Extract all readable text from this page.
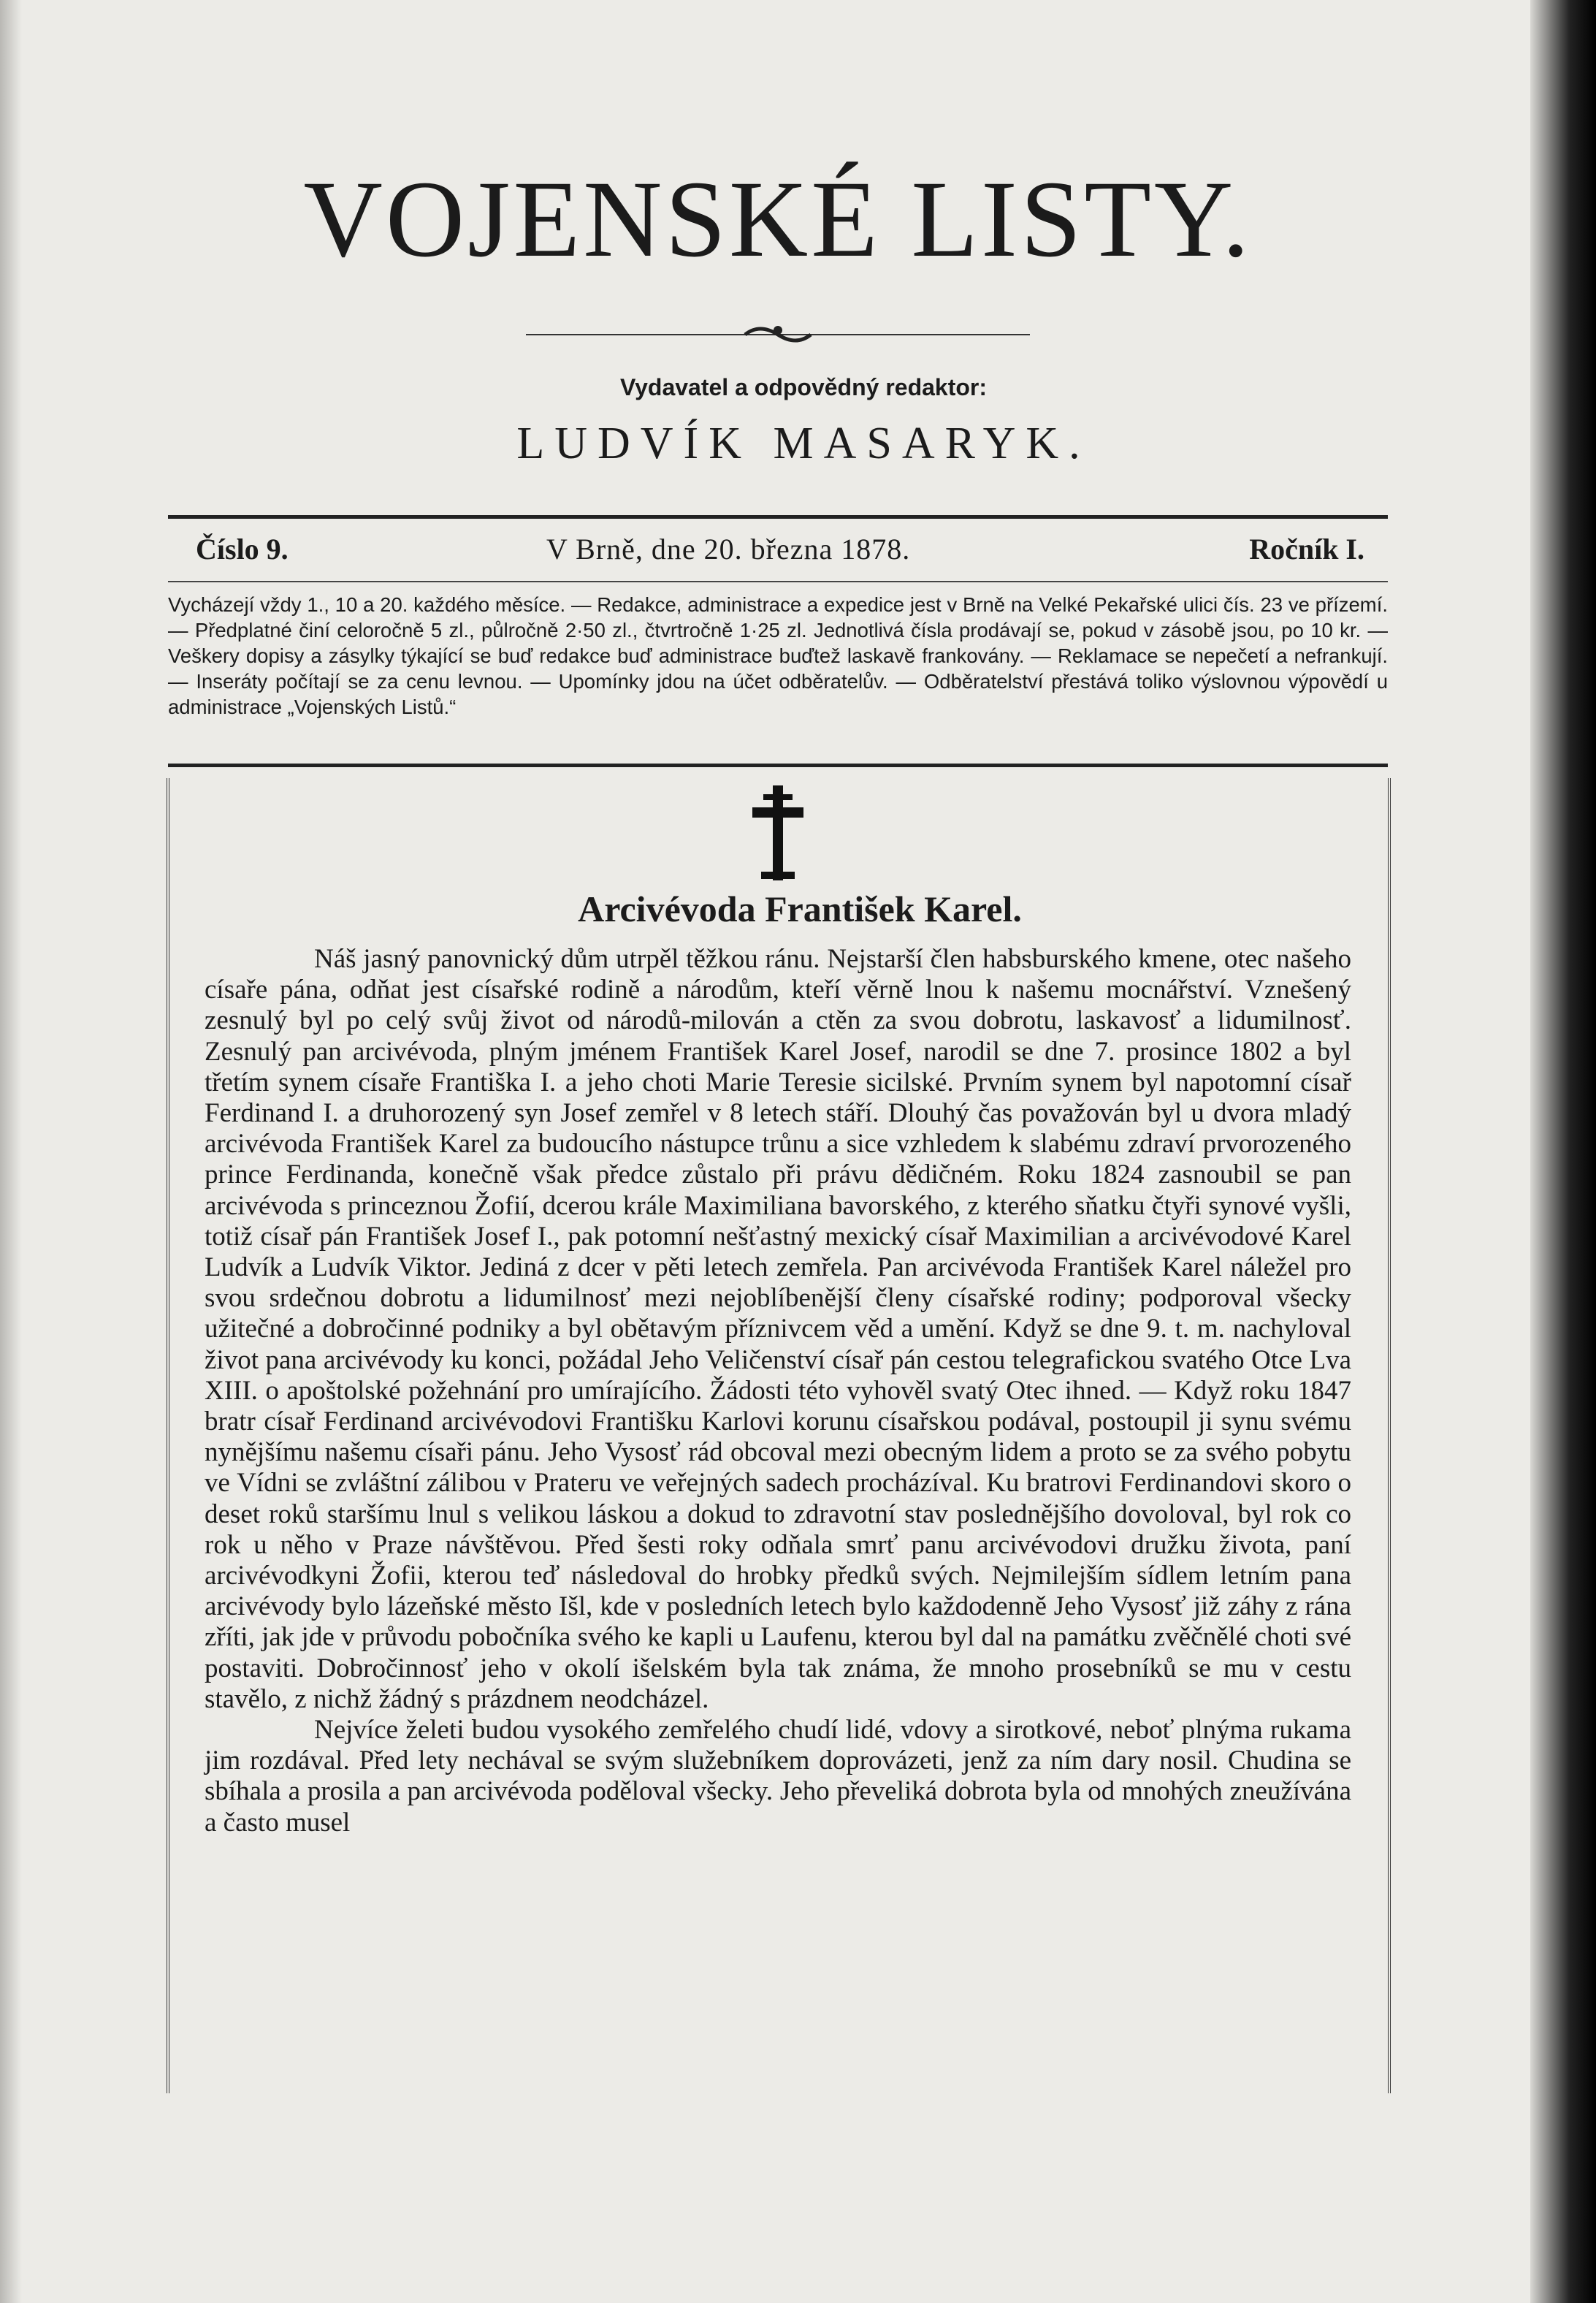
VOJENSKÉ LISTY.
Vydavatel a odpovědný redaktor:
LUDVÍK MASARYK.
Číslo 9.	V Brně, dne 20. března 1878.	Ročník I.

Vycházejí vždy 1., 10 a 20. každého měsíce. — Redakce, administrace a expedice jest v Brně na Velké Pekařské ulici čís. 23 ve přízemí. — Předplatné činí celoročně 5 zl., půlročně 2·50 zl., čtvrtročně 1·25 zl. Jednotlivá čísla prodávají se, pokud v zásobě jsou, po 10 kr. — Veškery dopisy a zásylky týkající se buď redakce buď administrace buďtež laskavě frankovány. — Reklamace se nepečetí a nefrankují. — Inseráty počítají se za cenu levnou. — Upomínky jdou na účet odběratelův. — Odběratelství přestává toliko výslovnou výpovědí u administrace „Vojenských Listů.“

Arcivévoda František Karel.

Náš jasný panovnický dům utrpěl těžkou ránu. Nejstarší člen habsburského kmene, otec našeho císaře pána, odňat jest císařské rodině a národům, kteří věrně lnou k našemu mocnářství. Vznešený zesnulý byl po celý svůj život od národů-milován a ctěn za svou dobrotu, laskavosť a lidumilnosť. Zesnulý pan arcivévoda, plným jménem František Karel Josef, narodil se dne 7. prosince 1802 a byl třetím synem císaře Františka I. a jeho choti Marie Teresie sicilské. Prvním synem byl napotomní císař Ferdinand I. a druhorozený syn Josef zemřel v 8 letech stáří. Dlouhý čas považován byl u dvora mladý arcivévoda František Karel za budoucího nástupce trůnu a sice vzhledem k slabému zdraví prvorozeného prince Ferdinanda, konečně však předce zůstalo při právu dědičném. Roku 1824 zasnoubil se pan arcivévoda s princeznou Žofií, dcerou krále Maximiliana bavorského, z kterého sňatku čtyři synové vyšli, totiž císař pán František Josef I., pak potomní nešťastný mexický císař Maximilian a arcivévodové Karel Ludvík a Ludvík Viktor. Jediná z dcer v pěti letech zemřela. Pan arcivévoda František Karel náležel pro svou srdečnou dobrotu a lidumilnosť mezi nejoblíbenější členy císařské rodiny; podporoval všecky užitečné a dobročinné podniky a byl obětavým příznivcem věd a umění. Když se dne 9. t. m. nachyloval život pana arcivévody ku konci, požádal Jeho Veličenství císař pán cestou telegrafickou svatého Otce Lva XIII. o apoštolské požehnání pro umírajícího. Žádosti této vyhověl svatý Otec ihned. — Když roku 1847 bratr císař Ferdinand arcivévodovi Františku Karlovi korunu císařskou podával, postoupil ji synu svému nynějšímu našemu císaři pánu. Jeho Vysosť rád obcoval mezi obecným lidem a proto se za svého pobytu ve Vídni se zvláštní zálibou v Prateru ve veřejných sadech procházíval. Ku bratrovi Ferdinandovi skoro o deset roků staršímu lnul s velikou láskou a dokud to zdravotní stav poslednějšího dovoloval, byl rok co rok u něho v Praze návštěvou. Před šesti roky odňala smrť panu arcivévodovi družku života, paní arcivévodkyni Žofii, kterou teď následoval do hrobky předků svých. Nejmilejším sídlem letním pana arcivévody bylo lázeňské město Išl, kde v posledních letech bylo každodenně Jeho Vysosť již záhy z rána zříti, jak jde v průvodu pobočníka svého ke kapli u Laufenu, kterou byl dal na památku zvěčnělé choti své postaviti. Dobročinnosť jeho v okolí išelském byla tak známa, že mnoho prosebníků se mu v cestu stavělo, z nichž žádný s prázdnem neodcházel.

Nejvíce želeti budou vysokého zemřelého chudí lidé, vdovy a sirotkové, neboť plnýma rukama jim rozdával. Před lety nechával se svým služebníkem doprovázeti, jenž za ním dary nosil. Chudina se sbíhala a prosila a pan arcivévoda poděloval všecky. Jeho převeliká dobrota byla od mnohých zneužívána a často musel
